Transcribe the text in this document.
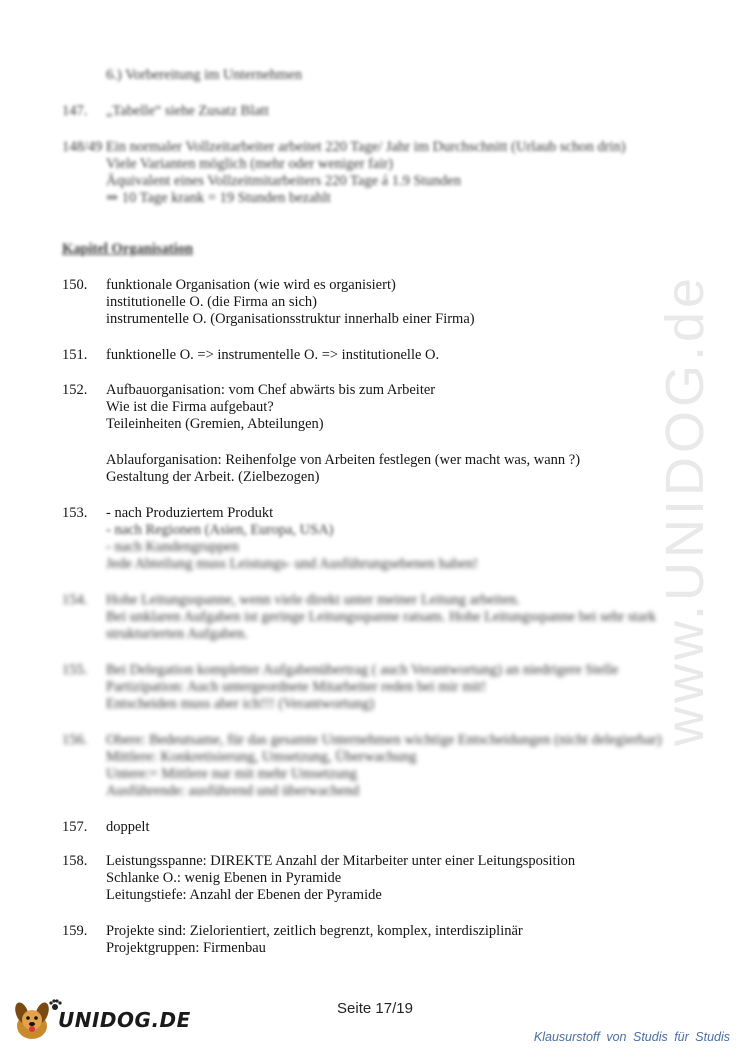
www.UNIDOG.de
6.) Vorbereitung im Unternehmen
147. „Tabelle“ siehe Zusatz Blatt
148/49 Ein normaler Vollzeitarbeiter arbeitet 220 Tage/ Jahr im Durchschnitt (Urlaub schon drin)
Viele Varianten möglich (mehr oder weniger fair)
Äquivalent eines Vollzeitmitarbeiters 220 Tage á 1.9 Stunden
⇒ 10 Tage krank = 19 Stunden bezahlt
Kapitel Organisation
150. funktionale Organisation (wie wird es organisiert)
institutionelle O. (die Firma an sich)
instrumentelle O. (Organisationsstruktur innerhalb einer Firma)
151. funktionelle O. => instrumentelle O. => institutionelle O.
152. Aufbauorganisation: vom Chef abwärts bis zum Arbeiter
Wie ist die Firma aufgebaut?
Teileinheiten (Gremien, Abteilungen)
Ablauforganisation: Reihenfolge von Arbeiten festlegen (wer macht was, wann ?)
Gestaltung der Arbeit. (Zielbezogen)
153. - nach Produziertem Produkt
- nach Regionen (Asien, Europa, USA)
- nach Kundengruppen
Jede Abteilung muss Leistungs- und Ausführungsebenen haben!
154. Hohe Leitungsspanne, wenn viele direkt unter meiner Leitung arbeiten.
Bei unklaren Aufgaben ist geringe Leitungsspanne ratsam. Hohe Leitungsspanne bei sehr stark
strukturierten Aufgaben.
155. Bei Delegation kompletter Aufgabenübertrag ( auch Verantwortung) an niedrigere Stelle
Partizipation: Auch untergeordnete Mitarbeiter reden bei mir mit!
Entscheiden muss aber ich!!! (Verantwortung)
156. Obere: Bedeutsame, für das gesamte Unternehmen wichtige Entscheidungen (nicht delegierbar)
Mittlere: Konkretisierung, Umsetzung, Überwachung
Untere:= Mittlere nur mit mehr Umsetzung
Ausführende: ausführend und überwachend
157. doppelt
158. Leistungsspanne: DIREKTE Anzahl der Mitarbeiter unter einer Leitungsposition
Schlanke O.: wenig Ebenen in Pyramide
Leitungstiefe: Anzahl der Ebenen der Pyramide
159. Projekte sind: Zielorientiert, zeitlich begrenzt, komplex, interdisziplinär
Projektgruppen: Firmenbau
Seite 17/19
UNIDOG.DE
Klausurstoff von Studis für Studis
